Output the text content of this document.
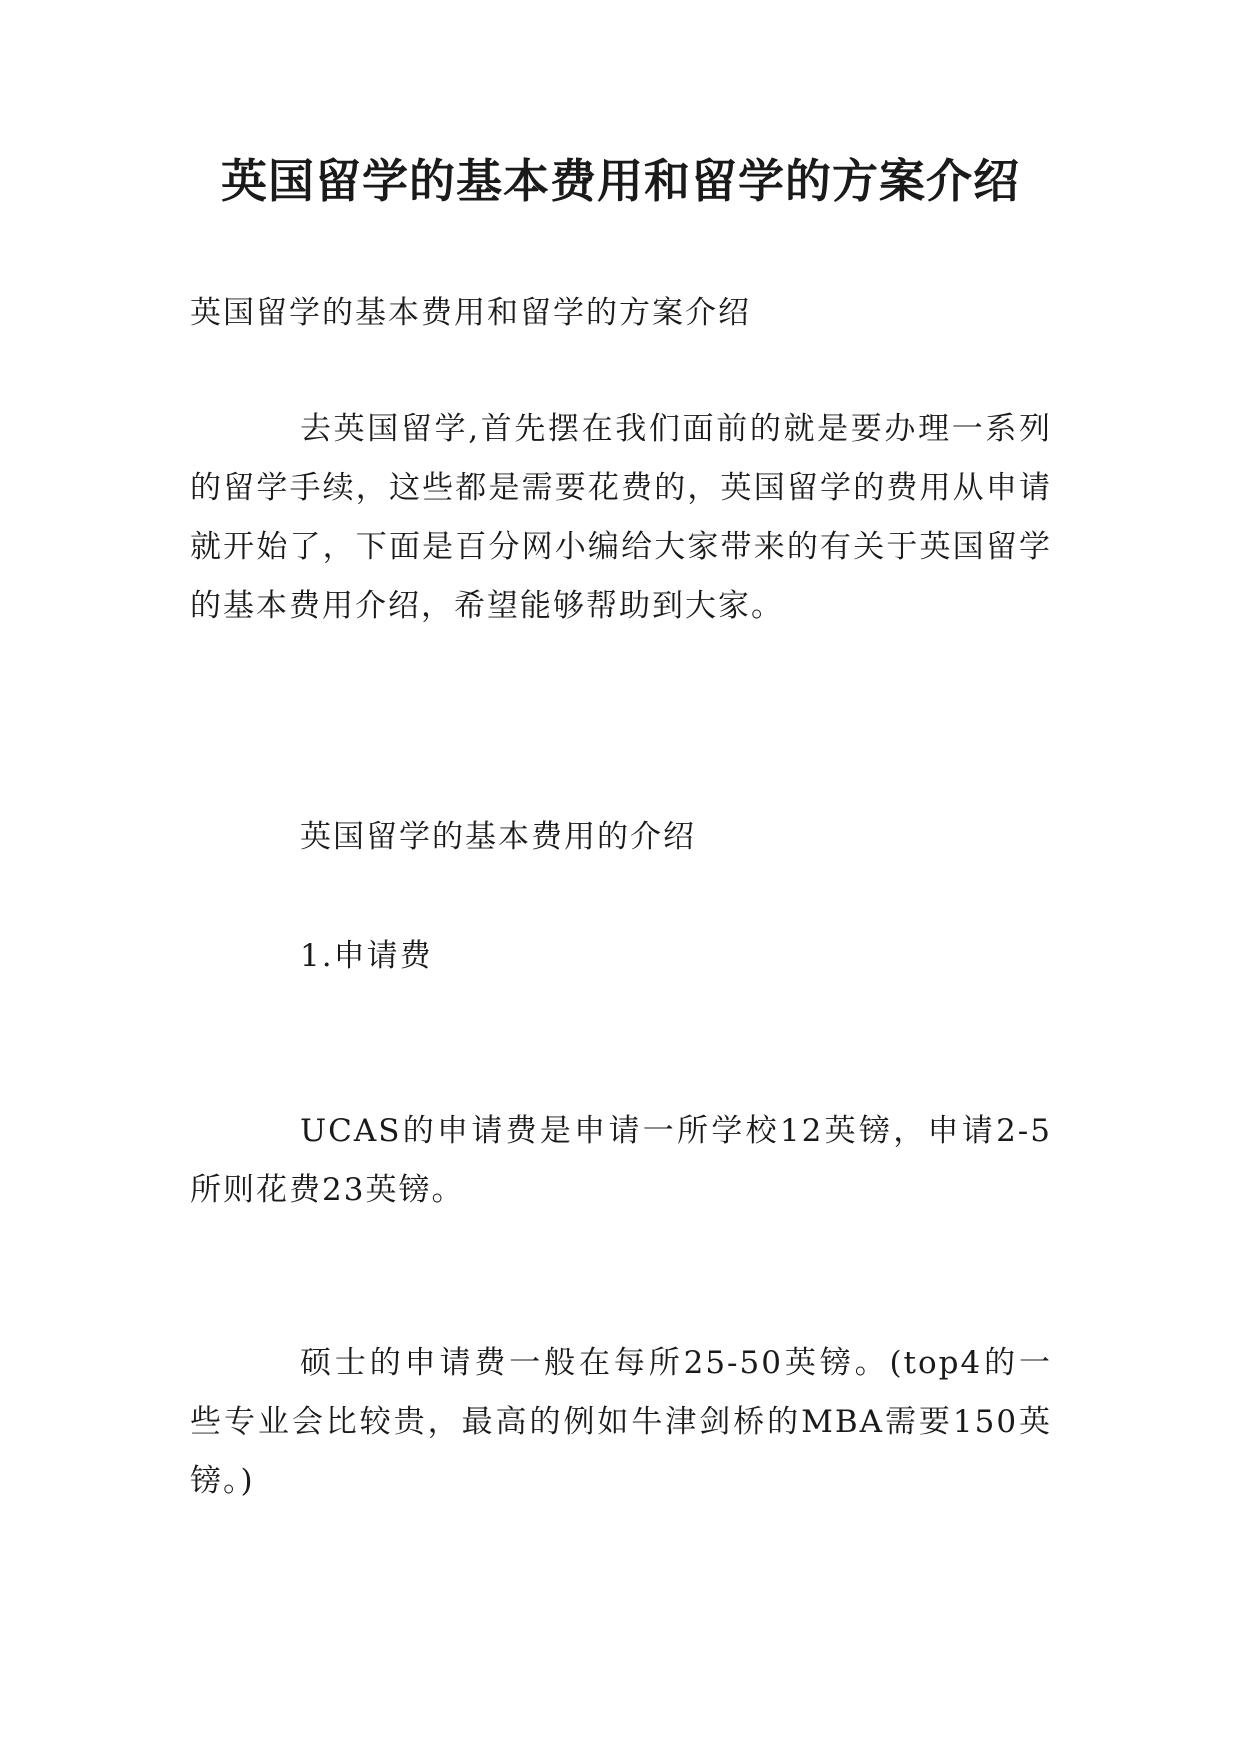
英国留学的基本费用和留学的方案介绍

英国留学的基本费用和留学的方案介绍

去英国留学,首先摆在我们面前的就是要办理一系列的留学手续，这些都是需要花费的，英国留学的费用从申请就开始了，下面是百分网小编给大家带来的有关于英国留学的基本费用介绍，希望能够帮助到大家。

英国留学的基本费用的介绍

1.申请费

UCAS的申请费是申请一所学校12英镑，申请2-5所则花费23英镑。

硕士的申请费一般在每所25-50英镑。(top4的一些专业会比较贵，最高的例如牛津剑桥的MBA需要150英镑。)
